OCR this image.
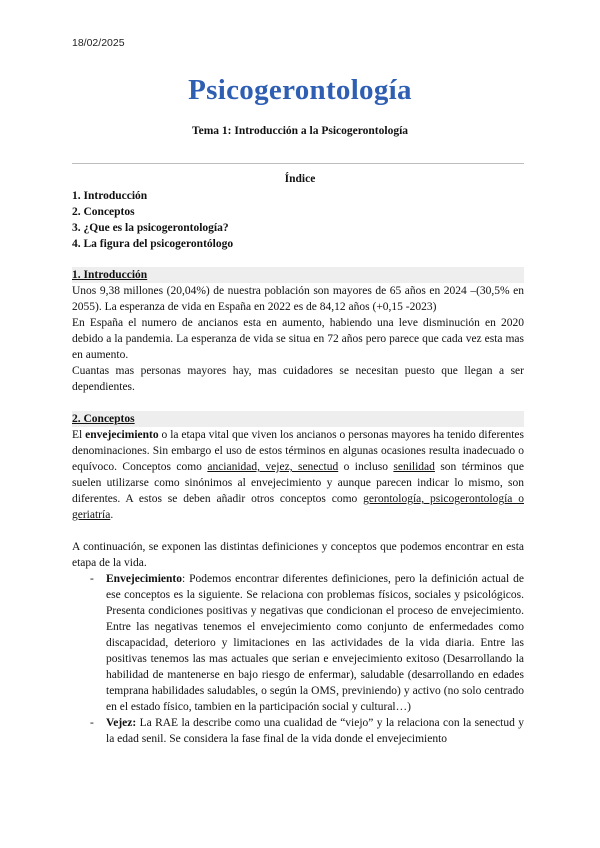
18/02/2025
Psicogerontología
Tema 1: Introducción a la Psicogerontología
Índice
1. Introducción
2. Conceptos
3. ¿Que es la psicogerontología?
4. La figura del psicogerontólogo
1. Introducción

Unos 9,38 millones (20,04%) de nuestra población son mayores de 65 años en 2024 –(30,5% en 2055). La esperanza de vida en España en 2022 es de 84,12 años (+0,15 -2023)

En España el numero de ancianos esta en aumento, habiendo una leve disminución en 2020 debido a la pandemia. La esperanza de vida se situa en 72 años pero parece que cada vez esta mas en aumento.

Cuantas mas personas mayores hay, mas cuidadores se necesitan puesto que llegan a ser dependientes.

2. Conceptos

El envejecimiento o la etapa vital que viven los ancianos o personas mayores ha tenido diferentes denominaciones. Sin embargo el uso de estos términos en algunas ocasiones resulta inadecuado o equívoco. Conceptos como ancianidad, vejez, senectud o incluso senilidad son términos que suelen utilizarse como sinónimos al envejecimiento y aunque parecen indicar lo mismo, son diferentes. A estos se deben añadir otros conceptos como gerontología, psicogerontología o geriatría.

A continuación, se exponen las distintas definiciones y conceptos que podemos encontrar en esta etapa de la vida.

- Envejecimiento: Podemos encontrar diferentes definiciones, pero la definición actual de ese conceptos es la siguiente. Se relaciona con problemas físicos, sociales y psicológicos. Presenta condiciones positivas y negativas que condicionan el proceso de envejecimiento. Entre las negativas tenemos el envejecimiento como conjunto de enfermedades como discapacidad, deterioro y limitaciones en las actividades de la vida diaria. Entre las positivas tenemos las mas actuales que serian e envejecimiento exitoso (Desarrollando la habilidad de mantenerse en bajo riesgo de enfermar), saludable (desarrollando en edades temprana habilidades saludables, o según la OMS, previniendo) y activo (no solo centrado en el estado físico, tambien en la participación social y cultural…)
- Vejez: La RAE la describe como una cualidad de “viejo” y la relaciona con la senectud y la edad senil. Se considera la fase final de la vida donde el envejecimiento
